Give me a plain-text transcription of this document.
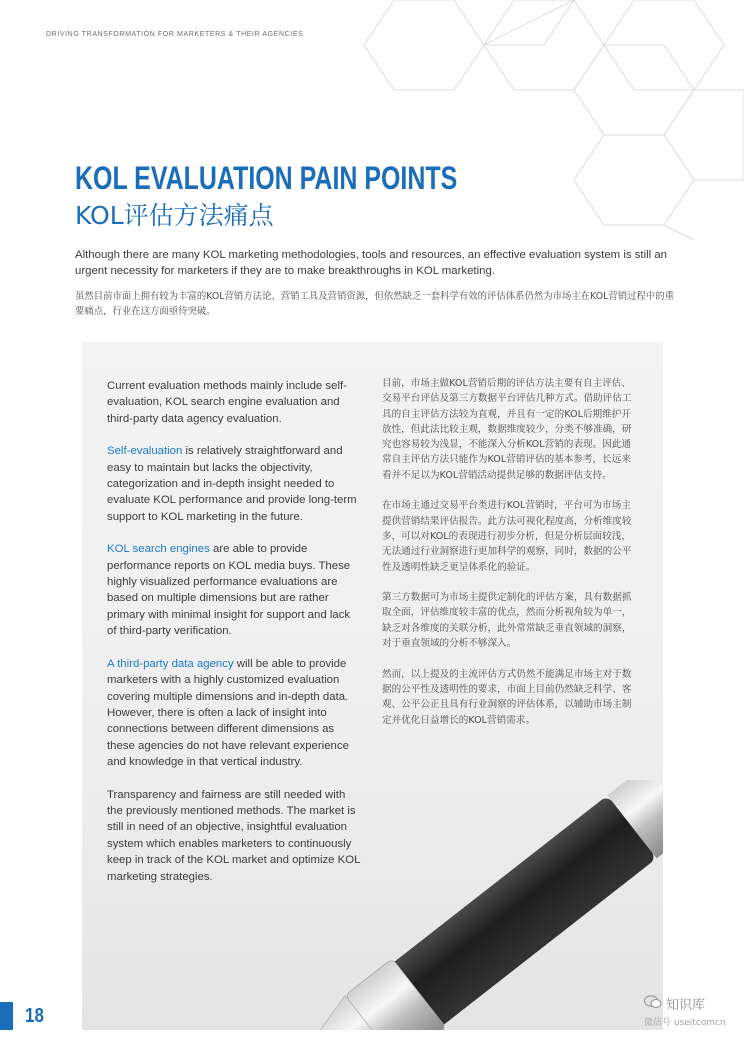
DRIVING TRANSFORMATION FOR MARKETERS & THEIR AGENCIES
KOL EVALUATION PAIN POINTS
KOL评估方法痛点
Although there are many KOL marketing methodologies, tools and resources, an effective evaluation system is still an urgent necessity for marketers if they are to make breakthroughs in KOL marketing.
虽然目前市面上拥有较为丰富的KOL营销方法论、营销工具及营销资源，但依然缺乏一套科学有效的评估体系仍然为市场主在KOL营销过程中的重要痛点，行业在这方面亟待突破。

Current evaluation methods mainly include self-evaluation, KOL search engine evaluation and third-party data agency evaluation.

Self-evaluation is relatively straightforward and easy to maintain but lacks the objectivity, categorization and in-depth insight needed to evaluate KOL performance and provide long-term support to KOL marketing in the future.

KOL search engines are able to provide performance reports on KOL media buys. These highly visualized performance evaluations are based on multiple dimensions but are rather primary with minimal insight for support and lack of third-party verification.

A third-party data agency will be able to provide marketers with a highly customized evaluation covering multiple dimensions and in-depth data. However, there is often a lack of insight into connections between different dimensions as these agencies do not have relevant experience and knowledge in that vertical industry.

Transparency and fairness are still needed with the previously mentioned methods. The market is still in need of an objective, insightful evaluation system which enables marketers to continuously keep in track of the KOL market and optimize KOL marketing strategies.

目前，市场主做KOL营销后期的评估方法主要有自主评估、交易平台评估及第三方数据平台评估几种方式。借助评估工具的自主评估方法较为直观，并且有一定的KOL后期维护开放性，但此法比较主观，数据维度较少，分类不够准确，研究也容易较为浅显，不能深入分析KOL营销的表现。因此通常自主评估方法只能作为KOL营销评估的基本参考，长远来看并不足以为KOL营销活动提供足够的数据评估支持。

在市场主通过交易平台类进行KOL营销时，平台可为市场主提供营销结果评估报告。此方法可视化程度高，分析维度较多，可以对KOL的表现进行初步分析，但是分析层面较浅，无法通过行业洞察进行更加科学的观察，同时，数据的公平性及透明性缺乏更呈体系化的验证。

第三方数据可为市场主提供定制化的评估方案，具有数据抓取全面，评估维度较丰富的优点，然而分析视角较为单一，缺乏对各维度的关联分析，此外常常缺乏垂直领域的洞察，对于垂直领域的分析不够深入。

然而，以上提及的主流评估方式仍然不能满足市场主对于数据的公平性及透明性的要求，市面上目前仍然缺乏科学、客观、公平公正且具有行业洞察的评估体系，以辅助市场主制定并优化日益增长的KOL营销需求。

18	知识库
微信号 useitcomcn
